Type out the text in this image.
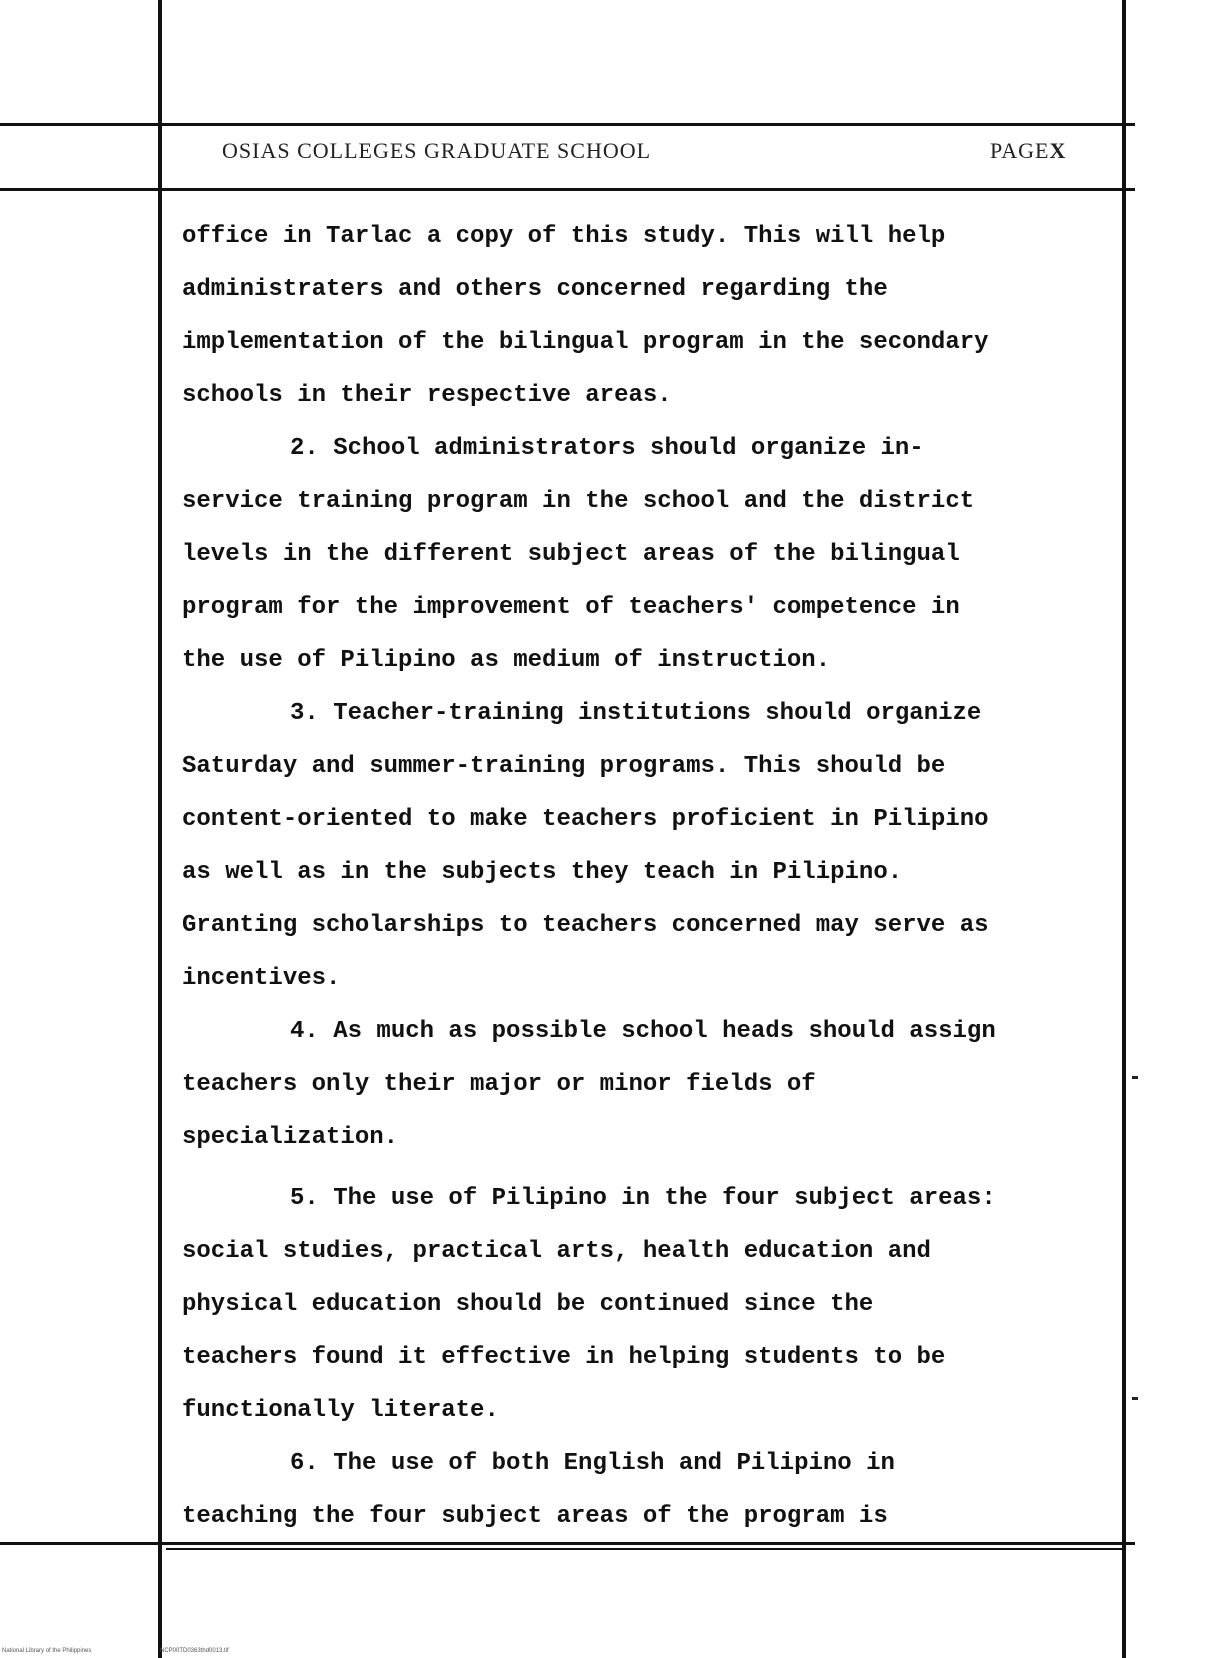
OSIAS COLLEGES GRADUATE SCHOOL	PAGEX
office in Tarlac a copy of this study. This will help
administraters and others concerned regarding the
implementation of the bilingual program in the secondary
schools in their respective areas.
2. School administrators should organize in-
service training program in the school and the district
levels in the different subject areas of the bilingual
program for the improvement of teachers' competence in
the use of Pilipino as medium of instruction.
3. Teacher-training institutions should organize
Saturday and summer-training programs. This should be
content-oriented to make teachers proficient in Pilipino
as well as in the subjects they teach in Pilipino.
Granting scholarships to teachers concerned may serve as
incentives.
4. As much as possible school heads should assign
teachers only their major or minor fields of
specialization.
5. The use of Pilipino in the four subject areas:
social studies, practical arts, health education and
physical education should be continued since the
teachers found it effective in helping students to be
functionally literate.
6. The use of both English and Pilipino in
teaching the four subject areas of the program is
National Library of the Philippines	NCP00TD0363thd0013.tif
